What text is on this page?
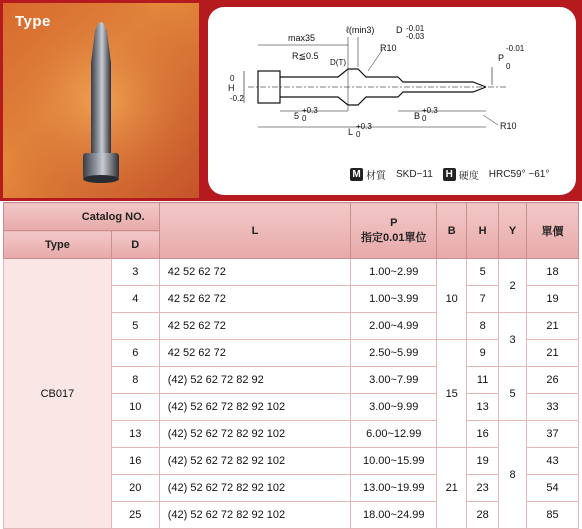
Type
max35
ℓ(min3) D -0.01
-0.03
R≦0.5
D(T)
R10
P
-0.01
0
H
0
-0.2
5
+0.3
0	B
+0.3
0
L
+0.3
0
R10
M 材質 SKD−11 H 硬度 HRC59° ~61°
Catalog NO.		L	P
指定0.01單位	B	H	Y	單價
Type	D						
CB017	3	42 52 62 72	1.00~2.99	10	5	2	18
	4	42 52 62 72	1.00~3.99		7		19
	5	42 52 62 72	2.00~4.99		8	3	21
	6	42 52 62 72	2.50~5.99	15	9		21
	8	(42) 52 62 72 82 92	3.00~7.99		11	5	26
	10	(42) 52 62 72 82 92 102	3.00~9.99		13		33
	13	(42) 52 62 72 82 92 102	6.00~12.99		16	8	37
	16	(42) 52 62 72 82 92 102	10.00~15.99	21	19		43
	20	(42) 52 62 72 82 92 102	13.00~19.99		23		54
	25	(42) 52 62 72 82 92 102	18.00~24.99		28		85
